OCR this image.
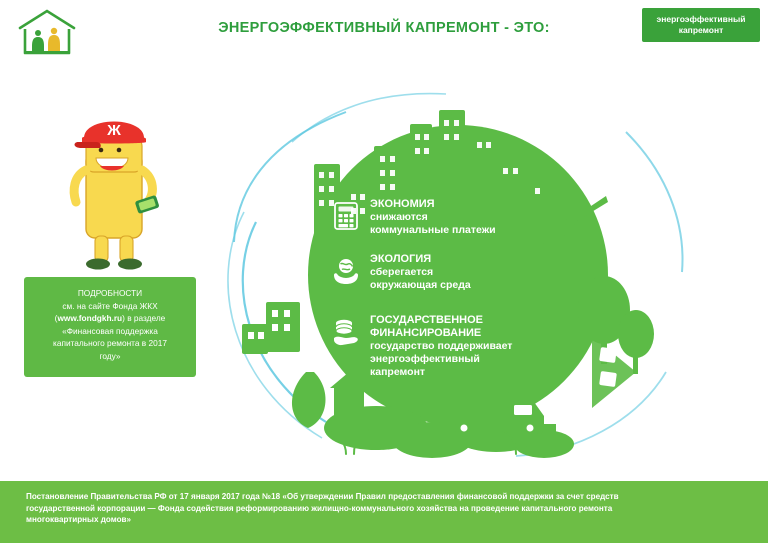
ЭНЕРГОЭФФЕКТИВНЫЙ КАПРЕМОНТ - ЭТО:
энергоэффективный капремонт
Ж
ПОДРОБНОСТИ
см. на сайте Фонда ЖКХ
(www.fondgkh.ru) в разделе
«Финансовая поддержка
капитального ремонта в 2017
году»
ЭКОНОМИЯ
снижаются
коммунальные платежи
ЭКОЛОГИЯ
сберегается
окружающая среда
ГОСУДАРСТВЕННОЕ
ФИНАНСИРОВАНИЕ
государство поддерживает
энергоэффективный
капремонт
Постановление Правительства РФ от 17 января 2017 года №18 «Об утверждении Правил предоставления финансовой поддержки за счет средств
государственной корпорации — Фонда содействия реформированию жилищно-коммунального хозяйства на проведение капитального ремонта
многоквартирных домов»
